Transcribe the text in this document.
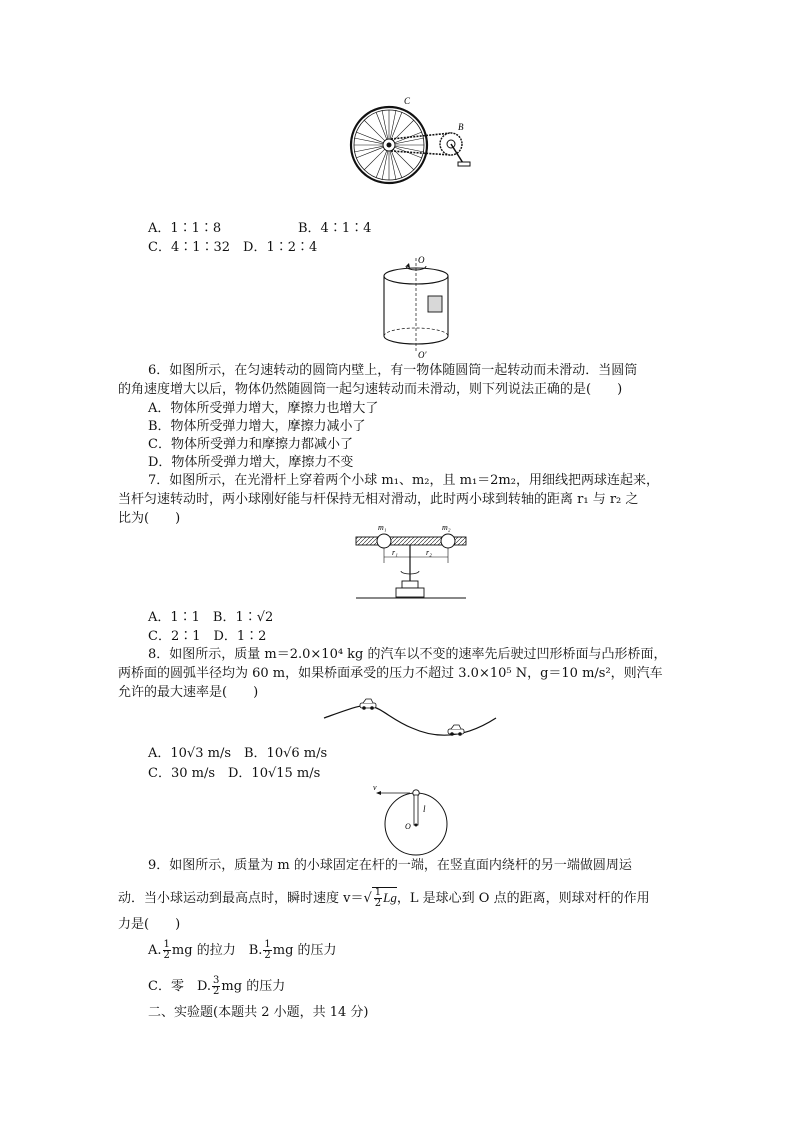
C
B
A．1∶1∶8	B．4∶1∶4
C．4∶1∶32　D．1∶2∶4
O
O′
6．如图所示，在匀速转动的圆筒内壁上，有一物体随圆筒一起转动而未滑动．当圆筒
的角速度增大以后，物体仍然随圆筒一起匀速转动而未滑动，则下列说法正确的是(　　)
A．物体所受弹力增大，摩擦力也增大了
B．物体所受弹力增大，摩擦力减小了
C．物体所受弹力和摩擦力都减小了
D．物体所受弹力增大，摩擦力不变
7．如图所示，在光滑杆上穿着两个小球 m₁、m₂，且 m₁＝2m₂，用细线把两球连起来，
当杆匀速转动时，两小球刚好能与杆保持无相对滑动，此时两小球到转轴的距离 r₁ 与 r₂ 之
比为(　　)
m₁	m₂
r₁	r₂
A．1∶1　B．1∶√2
C．2∶1　D．1∶2
8．如图所示，质量 m＝2.0×10⁴ kg 的汽车以不变的速率先后驶过凹形桥面与凸形桥面，
两桥面的圆弧半径均为 60 m，如果桥面承受的压力不超过 3.0×10⁵ N，g＝10 m/s²，则汽车
允许的最大速率是(　　)
A．10√3 m/s　B．10√6 m/s
C．30 m/s　D．10√15 m/s
v
l
O
9．如图所示，质量为 m 的小球固定在杆的一端，在竖直面内绕杆的另一端做圆周运
动．当小球运动到最高点时，瞬时速度 $v=√ \frac{1}{2}$ Lg，L 是球心到 O 点的距离，则球对杆的作用
力是(　　)
A. $\frac{1}{2}$ mg 的拉力　B. $\frac{1}{2}$ mg 的压力
C．零　D. $\frac{3}{2}$ mg 的压力
二、实验题(本题共 2 小题，共 14 分)
